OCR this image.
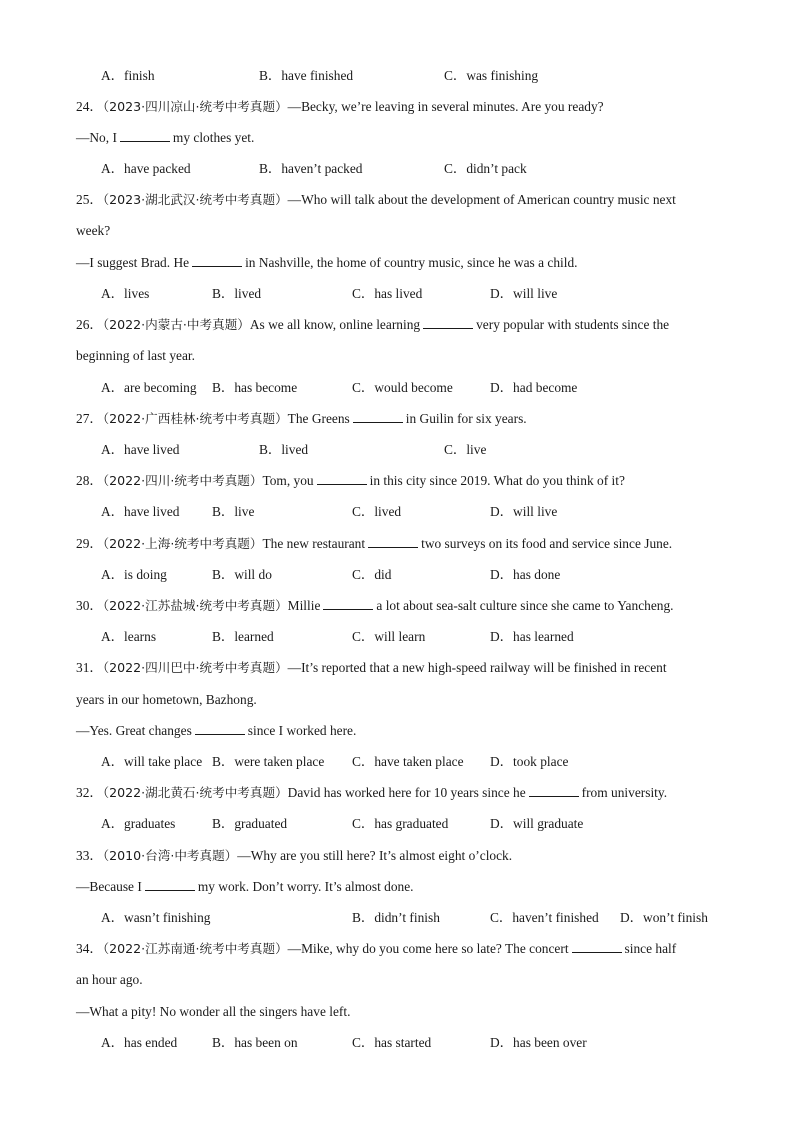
A．finish	B．have finished	C．was finishing
24．（2023·四川凉山·统考中考真题）—Becky, we’re leaving in several minutes. Are you ready?
—No, I	my clothes yet.
A．have packed	B．haven’t packed	C．didn’t pack
25．（2023·湖北武汉·统考中考真题）—Who will talk about the development of American country music next
week?
—I suggest Brad. He	in Nashville, the home of country music, since he was a child.
A．lives	B．lived	C．has lived	D．will live
26．（2022·内蒙古·中考真题）As we all know, online learning	very popular with students since the
beginning of last year.
A．are becoming B．has become	C．would become	D．had become
27．（2022·广西桂林·统考中考真题）The Greens	in Guilin for six years.
A．have lived	B．lived	C．live
28．（2022·四川·统考中考真题）Tom, you	in this city since 2019. What do you think of it?
A．have lived B．live	C．lived	D．will live
29．（2022·上海·统考中考真题）The new restaurant	two surveys on its food and service since June.
A．is doing	B．will do	C．did	D．has done
30．（2022·江苏盐城·统考中考真题）Millie	a lot about sea-salt culture since she came to Yancheng.
A．learns	B．learned	C．will learn	D．has learned
31．（2022·四川巴中·统考中考真题）—It’s reported that a new high-speed railway will be finished in recent
years in our hometown, Bazhong.
—Yes. Great changes	since I worked here.
A．will take place B．were taken place C．have taken place D．took place
32．（2022·湖北黄石·统考中考真题）David has worked here for 10 years since he	from university.
A．graduates	B．graduated	C．has graduated	D．will graduate
33．（2010·台湾·中考真题）—Why are you still here? It’s almost eight o’clock.
—Because I	my work. Don’t worry. It’s almost done.
A．wasn’t finishing	B．didn’t finish	C．haven’t finished D．won’t finish
34．（2022·江苏南通·统考中考真题）—Mike, why do you come here so late? The concert	since half
an hour ago.
—What a pity! No wonder all the singers have left.
A．has ended	B．has been on	C．has started	D．has been over
